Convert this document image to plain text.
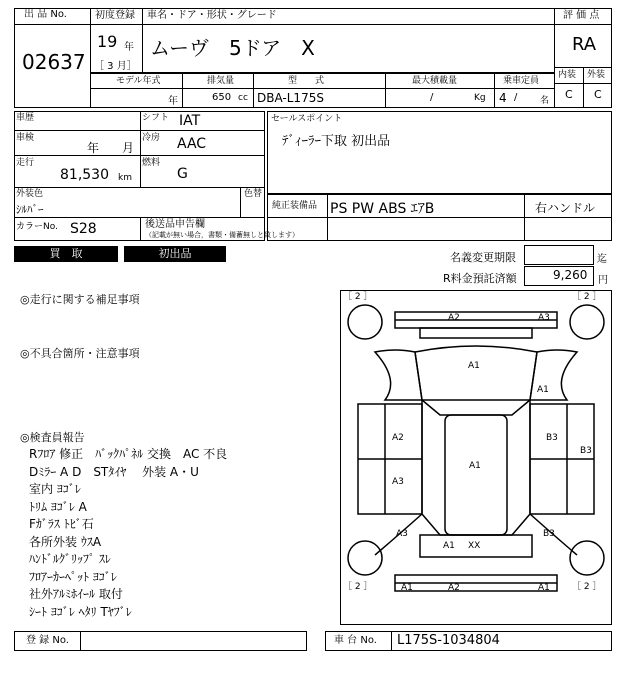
出 品 No.
02637
初度登録
19 年
［ 3 月］
車名・ドア・形状・グレード
ムーヴ　5ドア　X
評 価 点
RA
内装 外装
C C
モデル年式
年
排気量
650 cc
型　　式
DBA-L175S
最大積載量
/	Kg
乗車定員
4 /	名
車歴	シフト IAT
車検
年 月
冷房 AAC
走行
81,530 km
燃料
G
外装色
ｼﾙﾊﾞｰ
色替
カラーNo. S28	後送品申告欄
（記載が無い場合，書類・備蓄無しと致します）
セールスポイント
ﾃﾞｨｰﾗｰ下取 初出品
純正装備品 PS PW ABS ｴｱB	右ハンドル
買　取	初出品	名義変更期限	迄
R料金預託済額	9,260 円
◎走行に関する補足事項
◎不具合箇所・注意事項
◎検査員報告
Rﾌﾛｱ 修正　ﾊﾞｯｸﾊﾟﾈﾙ 交換　AC 不良
Dﾐﾗｰ A D　STﾀｲﾔ　 外装 A・U
室内 ﾖｺﾞﾚ
ﾄﾘﾑ ﾖｺﾞﾚ A
Fｶﾞﾗｽ ﾄﾋﾞ石
各所外装 ｳｽA
ﾊﾝﾄﾞﾙｸﾞﾘｯﾌﾟ ｽﾚ
ﾌﾛｱｰｶｰﾍﾟｯﾄ ﾖｺﾞﾚ
社外ｱﾙﾐﾎｲｰﾙ 取付
ｼｰﾄ ﾖｺﾞﾚ ﾍﾀﾘ Tﾔﾌﾞﾚ
［ 2 ］	［ 2 ］
［ 2 ］	［ 2 ］
A2	A3
A1
A1
A2	B3
B3
A1
A3
A3	B3
A1 XX
A1	A2	A1
登 録 No.	車 台 No. L175S-1034804
